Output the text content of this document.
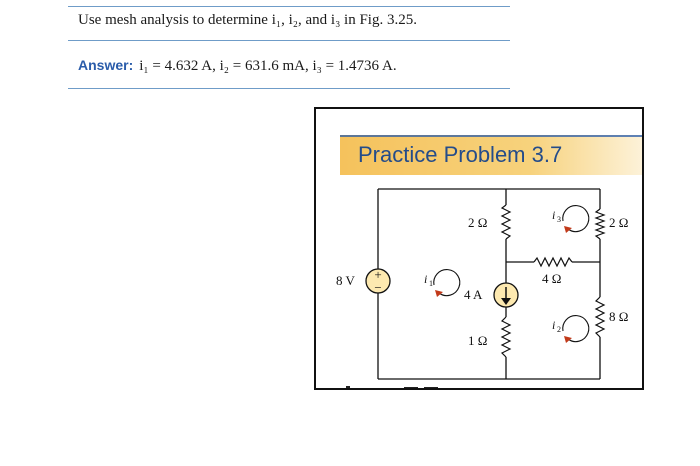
Use mesh analysis to determine i₁, i₂, and i₃ in Fig. 3.25.
Answer: i₁ = 4.632 A, i₂ = 631.6 mA, i₃ = 1.4736 A.
Practice Problem 3.7
+
−
8 V
4 A
2 Ω	2 Ω
4 Ω
8 Ω
1 Ω
i 1
i 3
i 2
